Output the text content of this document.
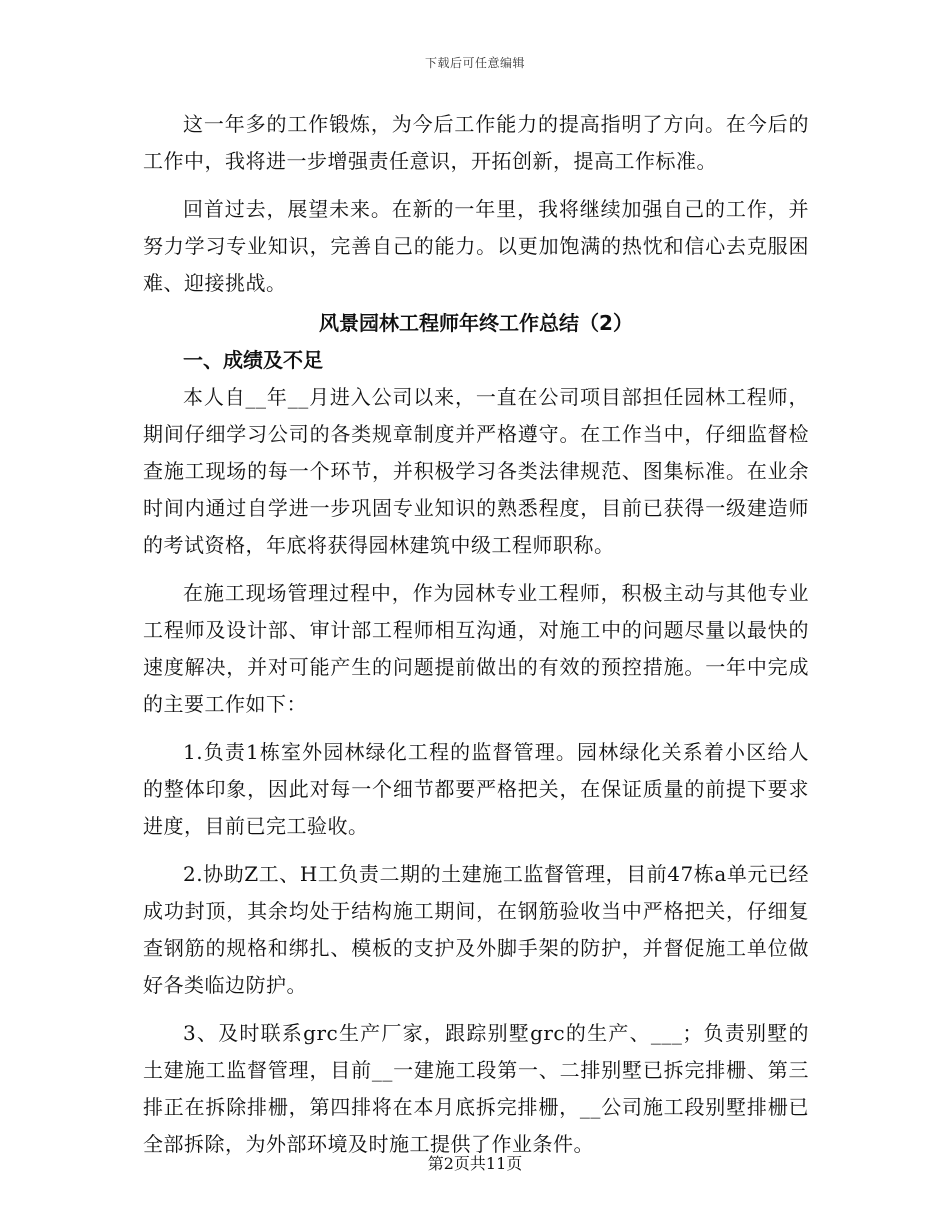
下载后可任意编辑

这一年多的工作锻炼，为今后工作能力的提高指明了方向。在今后的工作中，我将进一步增强责任意识，开拓创新，提高工作标准。

回首过去，展望未来。在新的一年里，我将继续加强自己的工作，并努力学习专业知识，完善自己的能力。以更加饱满的热忱和信心去克服困难、迎接挑战。

风景园林工程师年终工作总结（2）
一、成绩及不足

本人自__年__月进入公司以来，一直在公司项目部担任园林工程师，期间仔细学习公司的各类规章制度并严格遵守。在工作当中，仔细监督检查施工现场的每一个环节，并积极学习各类法律规范、图集标准。在业余时间内通过自学进一步巩固专业知识的熟悉程度，目前已获得一级建造师的考试资格，年底将获得园林建筑中级工程师职称。

在施工现场管理过程中，作为园林专业工程师，积极主动与其他专业工程师及设计部、审计部工程师相互沟通，对施工中的问题尽量以最快的速度解决，并对可能产生的问题提前做出的有效的预控措施。一年中完成的主要工作如下：

1.负责1栋室外园林绿化工程的监督管理。园林绿化关系着小区给人的整体印象，因此对每一个细节都要严格把关，在保证质量的前提下要求进度，目前已完工验收。

2.协助Z工、H工负责二期的土建施工监督管理，目前47栋a单元已经成功封顶，其余均处于结构施工期间，在钢筋验收当中严格把关，仔细复查钢筋的规格和绑扎、模板的支护及外脚手架的防护，并督促施工单位做好各类临边防护。

3、及时联系grc生产厂家，跟踪别墅grc的生产、___；负责别墅的土建施工监督管理，目前__一建施工段第一、二排别墅已拆完排栅、第三排正在拆除排栅，第四排将在本月底拆完排栅，__公司施工段别墅排栅已全部拆除，为外部环境及时施工提供了作业条件。

第2页共11页
